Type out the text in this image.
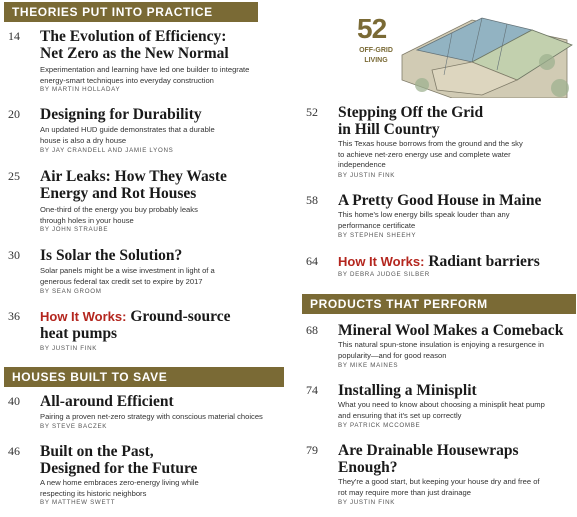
THEORIES PUT INTO PRACTICE
HOUSES BUILT TO SAVE
PRODUCTS THAT PERFORM
52
OFF-GRID
LIVING
14 The Evolution of Efficiency:
Net Zero as the New Normal
Experimentation and learning have led one builder to integrate
energy-smart techniques into everyday construction
BY MARTIN HOLLADAY
20 Designing for Durability
An updated HUD guide demonstrates that a durable
house is also a dry house
BY JAY CRANDELL AND JAMIE LYONS
25 Air Leaks: How They Waste
Energy and Rot Houses
One-third of the energy you buy probably leaks
through holes in your house
BY JOHN STRAUBE
30 Is Solar the Solution?
Solar panels might be a wise investment in light of a
generous federal tax credit set to expire by 2017
BY SEAN GROOM
36 How It Works: Ground-source
heat pumps
BY JUSTIN FINK
40 All-around Efficient
Pairing a proven net-zero strategy with conscious material choices
BY STEVE BACZEK
46 Built on the Past,
Designed for the Future
A new home embraces zero-energy living while
respecting its historic neighbors
BY MATTHEW SWETT
52 Stepping Off the Grid
in Hill Country
This Texas house borrows from the ground and the sky
to achieve net-zero energy use and complete water
independence
BY JUSTIN FINK
58 A Pretty Good House in Maine
This home's low energy bills speak louder than any
performance certificate
BY STEPHEN SHEEHY
64 How It Works: Radiant barriers
BY DEBRA JUDGE SILBER
68 Mineral Wool Makes a Comeback
This natural spun-stone insulation is enjoying a resurgence in
popularity—and for good reason
BY MIKE MAINES
74 Installing a Minisplit
What you need to know about choosing a minisplit heat pump
and ensuring that it's set up correctly
BY PATRICK MCCOMBE
79 Are Drainable Housewraps
Enough?
They're a good start, but keeping your house dry and free of
rot may require more than just drainage
BY JUSTIN FINK
